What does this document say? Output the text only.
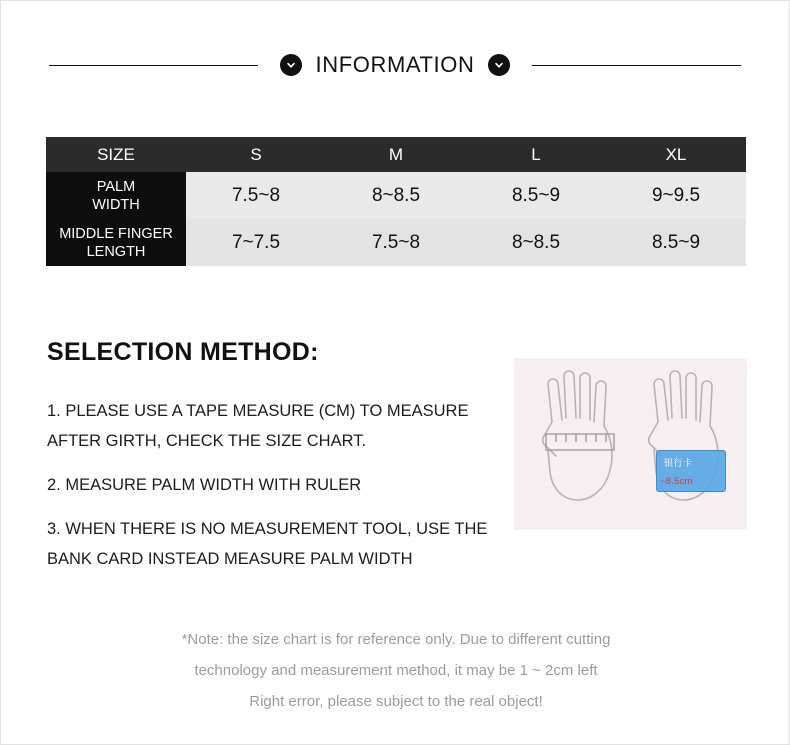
INFORMATION
SIZE	S	M	L	XL

PALM
WIDTH	7.5~8	8~8.5	8.5~9	9~9.5

MIDDLE FINGER
LENGTH	7~7.5	7.5~8	8~8.5	8.5~9
SELECTION METHOD:
1. PLEASE USE A TAPE MEASURE (CM) TO MEASURE AFTER GIRTH, CHECK THE SIZE CHART.
2. MEASURE PALM WIDTH WITH RULER
3. WHEN THERE IS NO MEASUREMENT TOOL, USE THE BANK CARD INSTEAD MEASURE PALM WIDTH
银行卡
~8.5cm
*Note: the size chart is for reference only. Due to different cutting
technology and measurement method, it may be 1 ~ 2cm left
Right error, please subject to the real object!
